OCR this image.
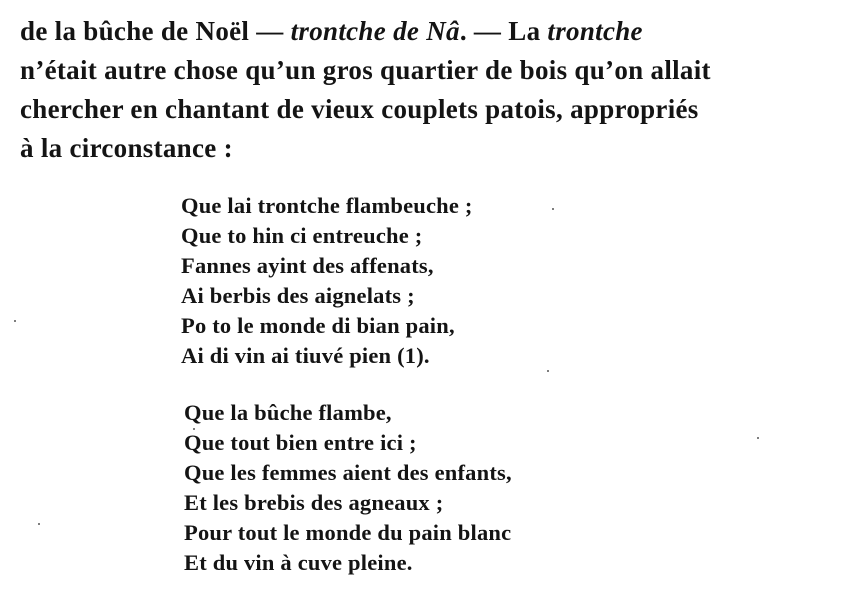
de la bûche de Noël — trontche de Nâ. — La trontche
n’était autre chose qu’un gros quartier de bois qu’on allait
chercher en chantant de vieux couplets patois, appropriés
à la circonstance :
Que lai trontche flambeuche ;
Que to hin ci entreuche ;
Fannes ayint des affenats,
Ai berbis des aignelats ;
Po to le monde di bian pain,
Ai di vin ai tiuvé pien (1).
Que la bûche flambe,
Que tout bien entre ici ;
Que les femmes aient des enfants,
Et les brebis des agneaux ;
Pour tout le monde du pain blanc
Et du vin à cuve pleine.
